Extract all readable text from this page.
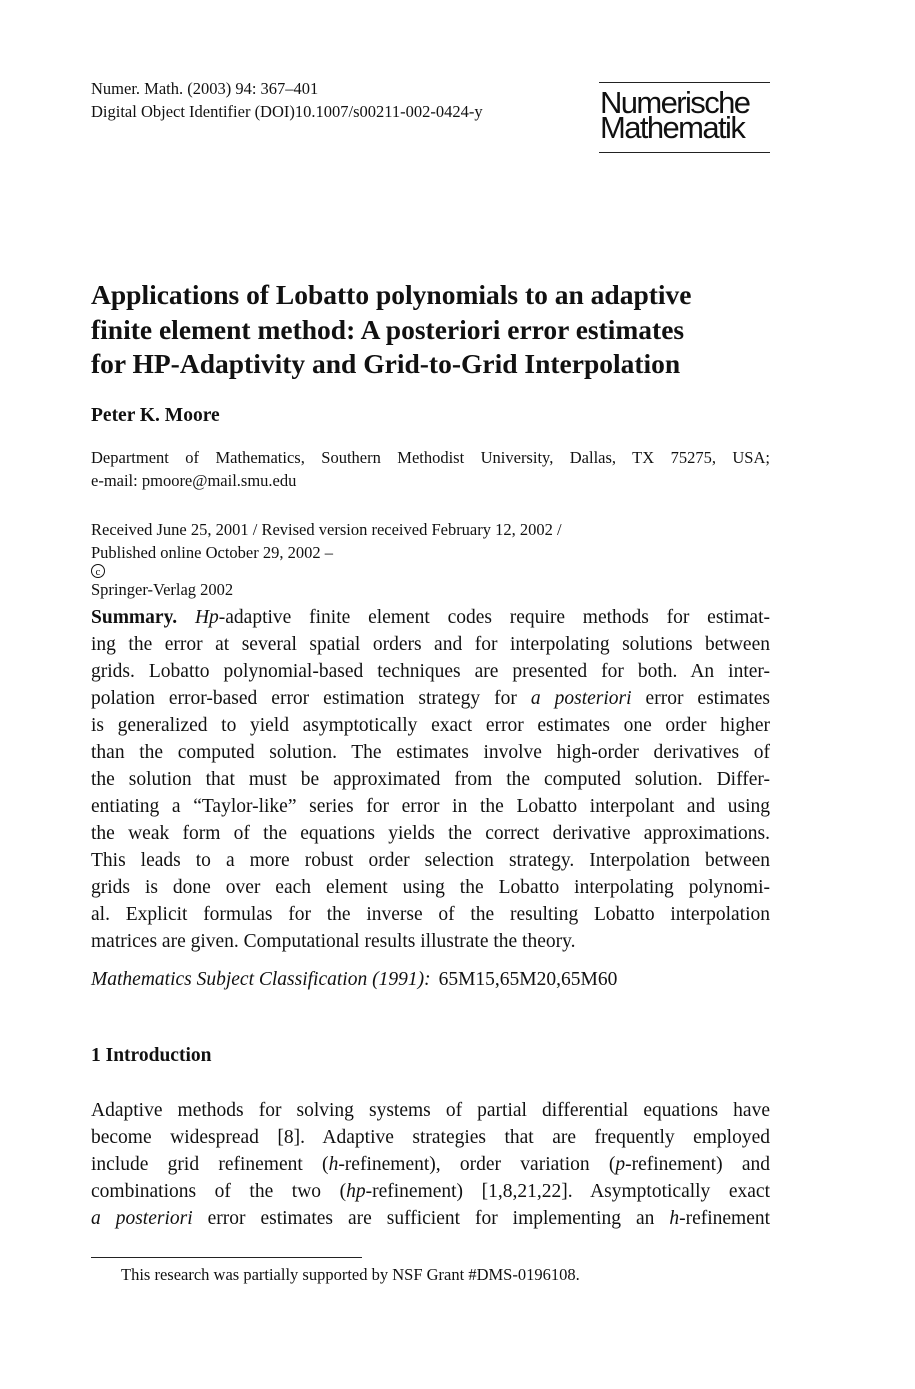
Numer. Math. (2003) 94: 367–401
Digital Object Identifier (DOI)10.1007/s00211-002-0424-y	Numerische
Mathematik
Applications of Lobatto polynomials to an adaptive
finite element method: A posteriori error estimates
for HP-Adaptivity and Grid-to-Grid Interpolation
Peter K. Moore
Department of Mathematics, Southern Methodist University, Dallas, TX 75275, USA;
e-mail: pmoore@mail.smu.edu
Received June 25, 2001 / Revised version received February 12, 2002 /
Published online October 29, 2002 –
c
Springer-Verlag 2002
Summary. Hp-adaptive finite element codes require methods for estimat-
ing the error at several spatial orders and for interpolating solutions between
grids. Lobatto polynomial-based techniques are presented for both. An inter-
polation error-based error estimation strategy for a posteriori error estimates
is generalized to yield asymptotically exact error estimates one order higher
than the computed solution. The estimates involve high-order derivatives of
the solution that must be approximated from the computed solution. Differ-
entiating a “Taylor-like” series for error in the Lobatto interpolant and using
the weak form of the equations yields the correct derivative approximations.
This leads to a more robust order selection strategy. Interpolation between
grids is done over each element using the Lobatto interpolating polynomi-
al. Explicit formulas for the inverse of the resulting Lobatto interpolation
matrices are given. Computational results illustrate the theory.
Mathematics Subject Classification (1991): 65M15,65M20,65M60
1 Introduction
Adaptive methods for solving systems of partial differential equations have
become widespread [8]. Adaptive strategies that are frequently employed
include grid refinement (h-refinement), order variation (p-refinement) and
combinations of the two (hp-refinement) [1,8,21,22]. Asymptotically exact
a posteriori error estimates are sufficient for implementing an h-refinement
This research was partially supported by NSF Grant #DMS-0196108.
